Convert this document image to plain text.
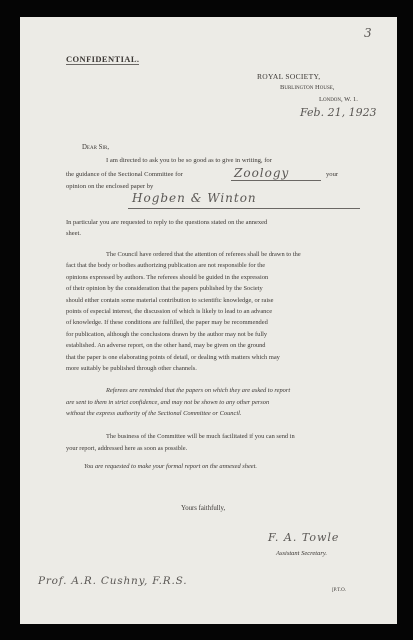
3
CONFIDENTIAL.
ROYAL SOCIETY,
Burlington House,
London, W. 1.
Feb. 21, 1923
Dear Sir,
I am directed to ask you to be so good as to give in writing, for
the guidance of the Sectional Committee for	Zoology	your
opinion on the enclosed paper by
Hogben & Winton
In particular you are requested to reply to the questions stated on the annexed
sheet.
The Council have ordered that the attention of referees shall be drawn to the
fact that the body or bodies authorizing publication are not responsible for the
opinions expressed by authors. The referees should be guided in the expression
of their opinion by the consideration that the papers published by the Society
should either contain some material contribution to scientific knowledge, or raise
points of especial interest, the discussion of which is likely to lead to an advance
of knowledge. If these conditions are fulfilled, the paper may be recommended
for publication, although the conclusions drawn by the author may not be fully
established. An adverse report, on the other hand, may be given on the ground
that the paper is one elaborating points of detail, or dealing with matters which may
more suitably be published through other channels.
Referees are reminded that the papers on which they are asked to report
are sent to them in strict confidence, and may not be shown to any other person
without the express authority of the Sectional Committee or Council.
The business of the Committee will be much facilitated if you can send in
your report, addressed here as soon as possible.
You are requested to make your formal report on the annexed sheet.
Yours faithfully,
F. A. Towle
Assistant Secretary.
Prof. A.R. Cushny, F.R.S.
[P.T.O.
